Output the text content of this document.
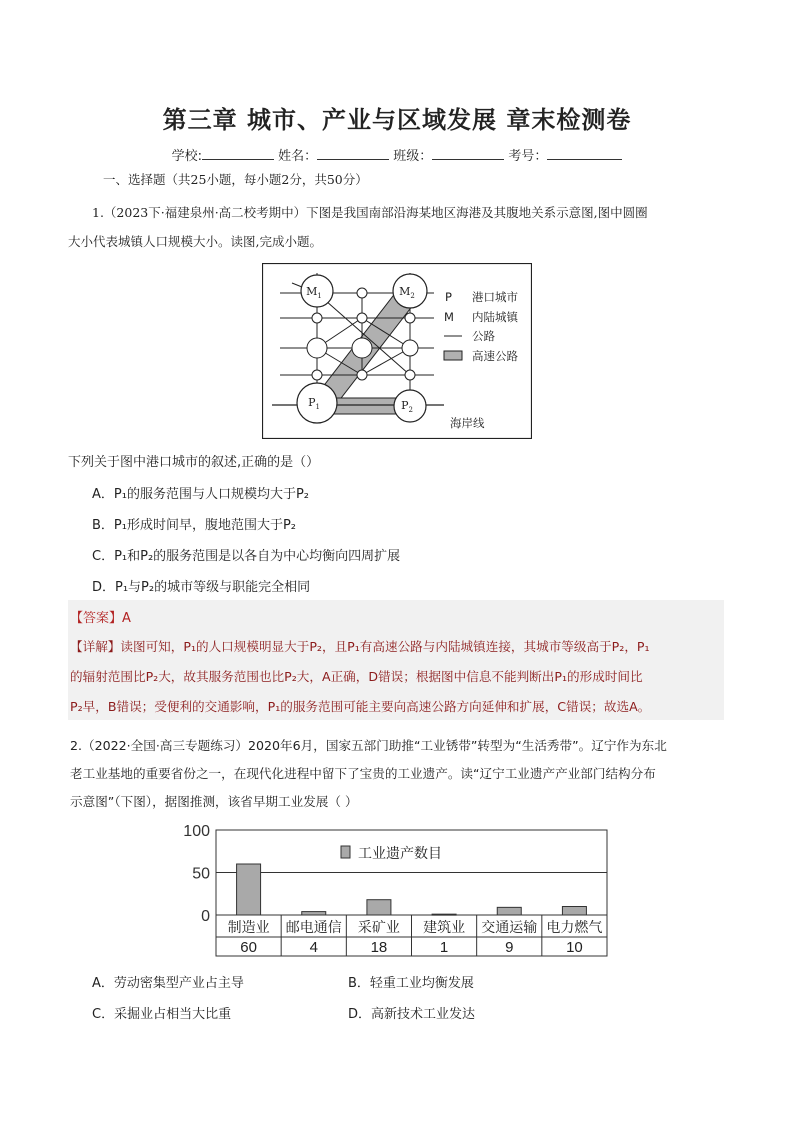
第三章 城市、产业与区域发展 章末检测卷
学校:	姓名：	班级：	考号：
一、选择题（共25小题，每小题2分，共50分）
1.（2023下·福建泉州·高二校考期中）下图是我国南部沿海某地区海港及其腹地关系示意图,图中圆圈
大小代表城镇人口规模大小。读图,完成小题。
$M_1$	$M_2$
$P_1$	$P_2$
P 港口城市
M 内陆城镇
公路
高速公路
海岸线
下列关于图中港口城市的叙述,正确的是（）
A．P₁的服务范围与人口规模均大于P₂
B．P₁形成时间早，腹地范围大于P₂
C．P₁和P₂的服务范围是以各自为中心均衡向四周扩展
D．P₁与P₂的城市等级与职能完全相同
【答案】A
【详解】读图可知，P₁的人口规模明显大于P₂，且P₁有高速公路与内陆城镇连接，其城市等级高于P₂，P₁
的辐射范围比P₂大，故其服务范围也比P₂大，A正确，D错误；根据图中信息不能判断出P₁的形成时间比
P₂早，B错误；受便利的交通影响，P₁的服务范围可能主要向高速公路方向延伸和扩展，C错误；故选A。
2.（2022·全国·高三专题练习）2020年6月，国家五部门助推“工业锈带”转型为“生活秀带”。辽宁作为东北
老工业基地的重要省份之一，在现代化进程中留下了宝贵的工业遗产。读“辽宁工业遗产产业部门结构分布
示意图”（下图），据图推测，该省早期工业发展（ ）
100
50
0
制造业
60
邮电通信
4
采矿业
18
建筑业
1
交通运输
9
电力燃气
10
工业遗产数目
A．劳动密集型产业占主导	B．轻重工业均衡发展
C．采掘业占相当大比重	D．高新技术工业发达
